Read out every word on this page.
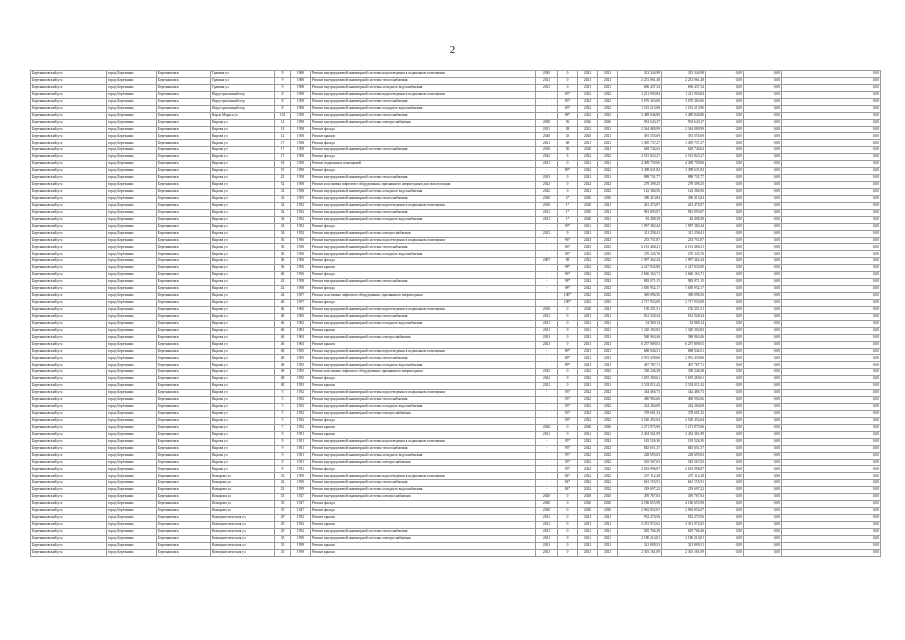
2
Березниковский р-н	город Березники	Березниковск	Гравина ул	9	1968	Ремонт внутридомовой инженерной системы водоотведения в подвальном помещении	2020	0	2021	2021	313 344,98	313 344,98	0,00	0,00	0,00
Березниковский р-н	город Березники	Березниковск	Гравина ул	9	1968	Ремонт внутридомовой инженерной системы теплоснабжения	2021	0	2021	2021	2 251 061,48	2 251 061,48	0,00	0,00	0,00
Березниковский р-н	город Березники	Березниковск	Гравина ул	9	1968	Ремонт внутридомовой инженерной системы холодного водоснабжения	2021	0	2021	2021	696 437,34	696 437,34	0,00	0,00	0,00
Березниковский р-н	город Березники	Березниковск	Индустриальный пер	8	1958	Ремонт внутридомовой инженерной системы водоотведения в подвальном помещении	-	83*	2022	2022	1 211 903,84	1 211 903,84	0,00	0,00	0,00
Березниковский р-н	город Березники	Березниковск	Индустриальный пер	8	1958	Ремонт внутридомовой инженерной системы теплоснабжения	-	83*	2022	2022	3 070 363,60	3 070 363,60	0,00	0,00	0,00
Березниковский р-н	город Березники	Березниковск	Индустриальный пер	8	1958	Ремонт внутридомовой инженерной системы холодного водоснабжения	-	83*	2022	2022	1 181 213,96	1 181 213,96	0,00	0,00	0,00
Березниковский р-н	город Березники	Березниковск	Карла Маркса ул	110	1958	Ремонт внутридомовой инженерной системы теплоснабжения	-	88*	2023	2023	3 489 846,80	3 489 846,80	0,00	0,00	0,00
Березниковский р-н	город Березники	Березниковск	Кирова ул	12	1958	Ремонт внутридомовой инженерной системы электроснабжения	2030	56	2026	2026	954 643,37	954 643,37	0,00	0,00	0,00
Березниковский р-н	город Березники	Березниковск	Кирова ул	12	1958	Ремонт фасада	2021	58	2021	2021	2 344 089,99	2 344 089,99	0,00	0,00	0,00
Березниковский р-н	город Березники	Березниковск	Кирова ул	12	1958	Ремонт крыши	2020	45	2020	2021	391 555,69	391 555,69	0,00	0,00	0,00
Березниковский р-н	город Березники	Березниковск	Кирова ул	17	1958	Ремонт фасада	2021	48	2021	2021	1 495 737,27	1 495 737,27	0,00	0,00	0,00
Березниковский р-н	город Березники	Березниковск	Кирова ул	17	1958	Ремонт внутридомовой инженерной системы теплоснабжения	2020	56	2020	2021	628 744,62	628 744,62	0,00	0,00	0,00
Березниковский р-н	город Березники	Березниковск	Кирова ул	17	1958	Ремонт фасада	2022	6	2022	2022	2 515 823,27	2 515 823,27	0,00	0,00	0,00
Березниковский р-н	город Березники	Березниковск	Кирова ул	18	1958	Ремонт подвальных помещений	2021	0	2021	2021	4 499 759,06	4 499 759,06	0,00	0,00	0,00
Березниковский р-н	город Березники	Березниковск	Кирова ул	19	1958	Ремонт фасада	-	89*	2022	2022	3 398 631,82	3 398 631,82	0,00	0,00	0,00
Березниковский р-н	город Березники	Березниковск	Кирова ул	22	1958	Ремонт внутридомовой инженерной системы теплоснабжения	2021	0	2021	2021	889 731,77	889 731,77	0,00	0,00	0,00
Березниковский р-н	город Березники	Березниковск	Кирова ул	32	1958	Ремонт или замена лифтового оборудования, признанного непригодным для эксплуатации	2022	0	2022	2022	278 399,25	278 399,25	0,00	0,00	0,00
Березниковский р-н	город Березники	Березниковск	Кирова ул	32	1958	Ремонт внутридомовой инженерной системы холодного водоснабжения	2022	0	2021	2022	143 366,56	143 366,56	0,00	0,00	0,00
Березниковский р-н	город Березники	Березниковск	Кирова ул	34	1955	Ремонт внутридомовой инженерной системы теплоснабжения	2020	2*	2020	2020	390 413,84	390 413,84	0,00	0,00	0,00
Березниковский р-н	город Березники	Березниковск	Кирова ул	34	1952	Ремонт внутридомовой инженерной системы водоотведения в подвальном помещении	2020	1*	2020	2021	261 474,97	261 474,97	0,00	0,00	0,00
Березниковский р-н	город Березники	Березниковск	Кирова ул	34	1952	Ремонт внутридомовой инженерной системы теплоснабжения	2021	1*	2020	2021	981 093,87	981 093,87	0,00	0,00	0,00
Березниковский р-н	город Березники	Березниковск	Кирова ул	34	1952	Ремонт внутридомовой инженерной системы холодного водоснабжения	2021	1*	2020	2021	82 498,39	82 498,39	0,00	0,00	0,00
Березниковский р-н	город Березники	Березниковск	Кирова ул	34	1952	Ремонт фасада	-	90*	2021	2021	1 997 382,44	1 997 382,44	0,00	0,00	0,00
Березниковский р-н	город Березники	Березниковск	Кирова ул	34	1952	Ремонт внутридомовой инженерной системы электроснабжения	2021	0	2021	2021	311 258,41	311 258,41	0,00	0,00	0,00
Березниковский р-н	город Березники	Березниковск	Кирова ул	36	1956	Ремонт внутридомовой инженерной системы водоотведения в подвальном помещении	-	96*	2023	2023	253 751,87	253 751,87	0,00	0,00	0,00
Березниковский р-н	город Березники	Березниковск	Кирова ул	36	1956	Ремонт внутридомовой инженерной системы теплоснабжения	-	96*	2023	2023	6 161 468,21	6 161 468,21	0,00	0,00	0,00
Березниковский р-н	город Березники	Березниковск	Кирова ул	36	1956	Ремонт внутридомовой инженерной системы холодного водоснабжения	-	96*	2023	2023	270 343,76	270 343,76	0,00	0,00	0,00
Березниковский р-н	город Березники	Березниковск	Кирова ул	36	1956	Ремонт фасада	2007	98	2022	2022	1 997 362,44	1 997 362,44	0,00	0,00	0,00
Березниковский р-н	город Березники	Березниковск	Кирова ул	36	1956	Ремонт крыши	-	98*	2022	2022	2 227 032,80	2 227 032,80	0,00	0,00	0,00
Березниковский р-н	город Березники	Березниковск	Кирова ул	40	1956	Ремонт фасада	-	96*	2022	2022	2 666 163,71	2 666 163,71	0,00	0,00	0,00
Березниковский р-н	город Березники	Березниковск	Кирова ул	42	1958	Ремонт внутридомовой инженерной системы теплоснабжения	-	98*	2022	2022	982 071,15	982 071,15	0,00	0,00	0,00
Березниковский р-н	город Березники	Березниковск	Кирова ул	42	1958	Ремонт фасада	-	98*	2022	2022	1 650 952,17	1 650 952,17	0,00	0,00	0,00
Березниковский р-н	город Березники	Березниковск	Кирова ул	44	1957	Ремонт или замена лифтового оборудования, признанного непригодным	-	100*	2022	2022	369 096,56	369 096,56	0,00	0,00	0,00
Березниковский р-н	город Березники	Березниковск	Кирова ул	46	1957	Ремонт фасада	-	100*	2023	2023	2 717 933,69	2 717 933,69	0,00	0,00	0,00
Березниковский р-н	город Березники	Березниковск	Кирова ул	46	1963	Ремонт внутридомовой инженерной системы водоотведения в подвальном помещении	2020	0	2020	2021	150 251,51	150 251,51	0,00	0,00	0,00
Березниковский р-н	город Березники	Березниковск	Кирова ул	46	1963	Ремонт внутридомовой инженерной системы теплоснабжения	2021	0	2021	2021	631 520,34	631 520,34	0,00	0,00	0,00
Березниковский р-н	город Березники	Березниковск	Кирова ул	46	1963	Ремонт внутридомовой инженерной системы холодного водоснабжения	2021	0	2021	2021	54 969,14	54 969,14	0,00	0,00	0,00
Березниковский р-н	город Березники	Березниковск	Кирова ул	46	1963	Ремонт крыши	2021	0	2021	2021	1 320 302,83	1 320 302,83	0,00	0,00	0,00
Березниковский р-н	город Березники	Березниковск	Кирова ул	46	1963	Ремонт внутридомовой инженерной системы электроснабжения	2021	0	2021	2021	580 963,46	580 963,46	0,00	0,00	0,00
Березниковский р-н	город Березники	Березниковск	Кирова ул	46	1963	Ремонт крыши	2021	0	2021	2021	6 257 809,03	6 257 809,03	0,00	0,00	0,00
Березниковский р-н	город Березники	Березниковск	Кирова ул	48	1955	Ремонт внутридомовой инженерной системы водоотведения в подвальном помещении	-	89*	2021	2021	688 046,51	688 046,51	0,00	0,00	0,00
Березниковский р-н	город Березники	Березниковск	Кирова ул	48	1955	Ремонт внутридомовой инженерной системы теплоснабжения	-	89*	2021	2021	2 591 439,06	2 591 439,06	0,00	0,00	0,00
Березниковский р-н	город Березники	Березниковск	Кирова ул	48	1955	Ремонт внутридомовой инженерной системы холодного водоснабжения	-	89*	2021	2021	407 787,71	407 787,71	0,00	0,00	0,00
Березниковский р-н	город Березники	Березниковск	Кирова ул	48	1955	Ремонт или замена лифтового оборудования, признанного непригодным	2023	0	2023	2023	338 246,38	338 246,38	0,00	0,00	0,00
Березниковский р-н	город Березники	Березниковск	Кирова ул	48	1955	Ремонт фасада	2022	0	2022	2022	1 655 269,61	1 655 269,61	0,00	0,00	0,00
Березниковский р-н	город Березники	Березниковск	Кирова ул	48	1955	Ремонт крыши	2021	0	2021	2021	2 532 011,42	2 532 011,42	0,00	0,00	0,00
Березниковский р-н	город Березники	Березниковск	Кирова ул	5	1952	Ремонт внутридомовой инженерной системы водоотведения в подвальном помещении	-	93*	2022	2022	344 466,73	344 466,73	0,00	0,00	0,00
Березниковский р-н	город Березники	Березниковск	Кирова ул	5	1952	Ремонт внутридомовой инженерной системы теплоснабжения	-	93*	2022	2022	490 902,66	490 902,66	0,00	0,00	0,00
Березниковский р-н	город Березники	Березниковск	Кирова ул	5	1952	Ремонт внутридомовой инженерной системы холодного водоснабжения	-	93*	2022	2022	224 264,69	224 264,69	0,00	0,00	0,00
Березниковский р-н	город Березники	Березниковск	Кирова ул	5	1952	Ремонт внутридомовой инженерной системы электроснабжения	-	93*	2022	2022	378 601,32	378 601,32	0,00	0,00	0,00
Березниковский р-н	город Березники	Березниковск	Кирова ул	5	1952	Ремонт фасада	-	93*	2022	2022	2 520 452,04	2 520 452,04	0,00	0,00	0,00
Березниковский р-н	город Березники	Березниковск	Кирова ул	7	1952	Ремонт крыши	2026	0	2026	2026	1 271 875,96	1 271 875,96	0,00	0,00	0,00
Березниковский р-н	город Березники	Березниковск	Кирова ул	9	1951	Ремонт крыши	2021	0	2021	2021	2 454 361,99	2 454 361,99	0,00	0,00	0,00
Березниковский р-н	город Березники	Березниковск	Кирова ул	9	1951	Ремонт внутридомовой инженерной системы водоотведения в подвальном помещении	-	95*	2022	2022	183 526,30	183 526,30	0,00	0,00	0,00
Березниковский р-н	город Березники	Березниковск	Кирова ул	9	1951	Ремонт внутридомовой инженерной системы теплоснабжения	-	95*	2022	2022	845 651,37	845 651,37	0,00	0,00	0,00
Березниковский р-н	город Березники	Березниковск	Кирова ул	9	1951	Ремонт внутридомовой инженерной системы холодного водоснабжения	-	95*	2022	2022	228 695,63	228 695,63	0,00	0,00	0,00
Березниковский р-н	город Березники	Березниковск	Кирова ул	9	1951	Ремонт внутридомовой инженерной системы электроснабжения	-	95*	2022	2022	545 567,63	545 567,63	0,00	0,00	0,00
Березниковский р-н	город Березники	Березниковск	Кирова ул	9	1951	Ремонт фасада	-	95*	2022	2022	2 653 996,87	2 653 996,87	0,00	0,00	0,00
Березниковский р-н	город Березники	Березниковск	Комарова ул	32	1959	Ремонт внутридомовой инженерной системы водоотведения в подвальном помещении	-	84*	2022	2022	237 112,28	237 112,28	0,00	0,00	0,00
Березниковский р-н	город Березники	Березниковск	Комарова ул	32	1959	Ремонт внутридомовой инженерной системы теплоснабжения	-	84*	2022	2022	641 155,91	641 155,91	0,00	0,00	0,00
Березниковский р-н	город Березники	Березниковск	Комарова ул	32	1959	Ремонт внутридомовой инженерной системы холодного водоснабжения	-	84*	2022	2022	219 697,22	219 697,22	0,00	0,00	0,00
Березниковский р-н	город Березники	Березниковск	Комарова ул	33	1927	Ремонт внутридомовой инженерной системы электроснабжения	2020	0	2020	2020	495 767,63	495 767,63	0,00	0,00	0,00
Березниковский р-н	город Березники	Березниковск	Комарова ул	33	1927	Ремонт фасада	2020	0	2020	2020	4 186 655,98	4 186 655,98	0,00	0,00	0,00
Березниковский р-н	город Березники	Березниковск	Комарова ул	35	1927	Ремонт фасада	2020	0	2020	2020	2 963 852,67	2 963 852,67	0,00	0,00	0,00
Березниковский р-н	город Березники	Березниковск	Коммунистическая ул	29	1952	Ремонт крыши	2021	0	2021	2021	932 270,56	932 270,56	0,00	0,00	0,00
Березниковский р-н	город Березники	Березниковск	Коммунистическая ул	29	1952	Ремонт крыши	2021	0	2021	2021	3 351 972,02	3 351 972,02	0,00	0,00	0,00
Березниковский р-н	город Березники	Березниковск	Коммунистическая ул	29	1952	Ремонт внутридомовой инженерной системы теплоснабжения	2021	0	2021	2021	829 766,36	829 766,36	0,00	0,00	0,00
Березниковский р-н	город Березники	Березниковск	Коммунистическая ул	33	1959	Ремонт внутридомовой инженерной системы электроснабжения	2021	0	2021	2021	2 186 214,01	2 186 214,01	0,00	0,00	0,00
Березниковский р-н	город Березники	Березниковск	Коммунистическая ул	33	1959	Ремонт крыши	2021	0	2021	2021	321 809,51	321 809,51	0,00	0,00	0,00
Березниковский р-н	город Березники	Березниковск	Коммунистическая ул	35	1959	Ремонт крыши	2021	0	2021	2021	2 301 161,09	2 301 161,09	0,00	0,00	0,00
